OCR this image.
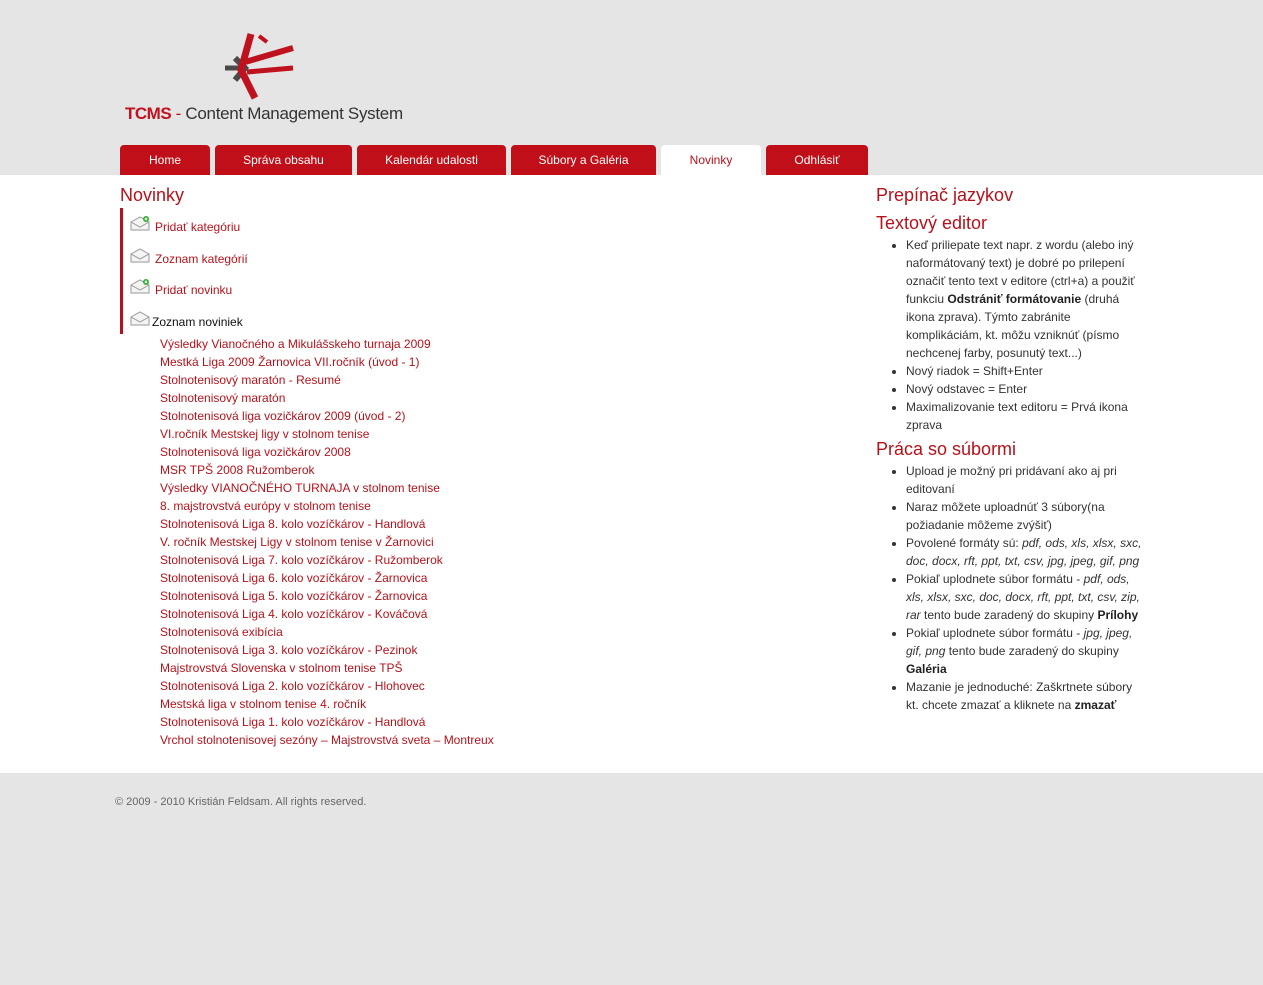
TCMS - Content Management System
Home	Správa obsahu	Kalendár udalosti	Súbory a Galéria	Novinky	Odhlásiť
Novinky
Pridať kategóriu
Zoznam kategórií
Pridať novinku
Zoznam noviniek
Výsledky Vianočného a Mikulášskeho turnaja 2009
Mestká Liga 2009 Žarnovica VII.ročník (úvod - 1)
Stolnotenisový maratón - Resumé
Stolnotenisový maratón
Stolnotenisová liga vozičkárov 2009 (úvod - 2)
VI.ročník Mestskej ligy v stolnom tenise
Stolnotenisová liga vozičkárov 2008
MSR TPŠ 2008 Ružomberok
Výsledky VIANOČNÉHO TURNAJA v stolnom tenise
8. majstrovstvá európy v stolnom tenise
Stolnotenisová Liga 8. kolo vozíčkárov - Handlová
V. ročník Mestskej Ligy v stolnom tenise v Žarnovici
Stolnotenisová Liga 7. kolo vozíčkárov - Ružomberok
Stolnotenisová Liga 6. kolo vozíčkárov - Žarnovica
Stolnotenisová Liga 5. kolo vozíčkárov - Žarnovica
Stolnotenisová Liga 4. kolo vozíčkárov - Kováčová
Stolnotenisová exibícia
Stolnotenisová Liga 3. kolo vozíčkárov - Pezinok
Majstrovstvá Slovenska v stolnom tenise TPŠ
Stolnotenisová Liga 2. kolo vozíčkárov - Hlohovec
Mestská liga v stolnom tenise 4. ročník
Stolnotenisová Liga 1. kolo vozíčkárov - Handlová
Vrchol stolnotenisovej sezóny – Majstrovstvá sveta – Montreux
Prepínač jazykov
Textový editor
• Keď priliepate text napr. z wordu (alebo iný naformátovaný text) je dobré po prilepení označiť tento text v editore (ctrl+a) a použiť funkciu Odstrániť formátovanie (druhá ikona zprava). Týmto zabránite komplikáciám, kt. môžu vzniknúť (písmo nechcenej farby, posunutý text...)
• Nový riadok = Shift+Enter
• Nový odstavec = Enter
• Maximalizovanie text editoru = Prvá ikona zprava
Práca so súbormi
• Upload je možný pri pridávaní ako aj pri editovaní
• Naraz môžete uploadnúť 3 súbory(na požiadanie môžeme zvýšiť)
• Povolené formáty sú: pdf, ods, xls, xlsx, sxc, doc, docx, rft, ppt, txt, csv, jpg, jpeg, gif, png
• Pokiaľ uplodnete súbor formátu - pdf, ods, xls, xlsx, sxc, doc, docx, rft, ppt, txt, csv, zip, rar tento bude zaradený do skupiny Prílohy
• Pokiaľ uplodnete súbor formátu - jpg, jpeg, gif, png tento bude zaradený do skupiny Galéria
• Mazanie je jednoduché: Zaškrtnete súbory kt. chcete zmazať a kliknete na zmazať
© 2009 - 2010 Kristián Feldsam. All rights reserved.
